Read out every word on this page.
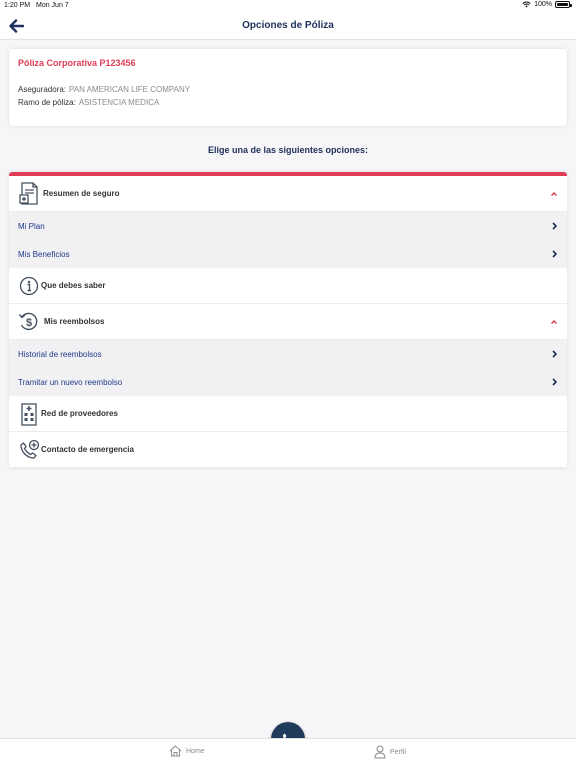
1:20 PM Mon Jun 7	100%
Opciones de Póliza
Póliza Corporativa P123456
Aseguradora: PAN AMERICAN LIFE COMPANY
Ramo de póliza: ASISTENCIA MEDICA
Elige una de las siguientes opciones:
Resumen de seguro
Mi Plan
Mis Beneficios
Que debes saber
$ Mis reembolsos
Historial de reembolsos
Tramitar un nuevo reembolso
Red de proveedores
Contacto de emergencia
Home	Perfil
